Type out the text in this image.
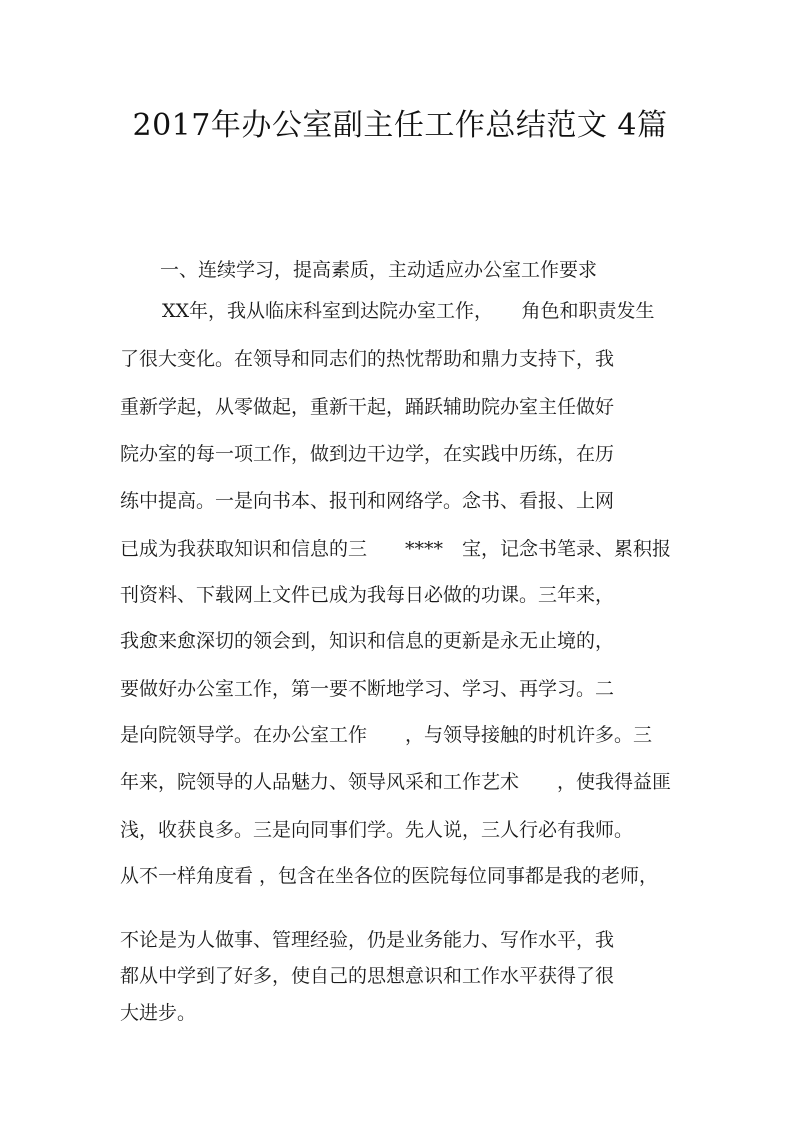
2017年办公室副主任工作总结范文 4篇
一、连续学习，提高素质，主动适应办公室工作要求
XX年，我从临床科室到达院办室工作，　　角色和职责发生
了很大变化。在领导和同志们的热忱帮助和鼎力支持下，我
重新学起，从零做起，重新干起，踊跃辅助院办室主任做好
院办室的每一项工作，做到边干边学，在实践中历练，在历
练中提高。一是向书本、报刊和网络学。念书、看报、上网
已成为我获取知识和信息的三　　****　宝，记念书笔录、累积报
刊资料、下载网上文件已成为我每日必做的功课。三年来，
我愈来愈深切的领会到，知识和信息的更新是永无止境的，
要做好办公室工作，第一要不断地学习、学习、再学习。二
是向院领导学。在办公室工作　　，与领导接触的时机许多。三
年来，院领导的人品魅力、领导风采和工作艺术　　，使我得益匪
浅，收获良多。三是向同事们学。先人说，三人行必有我师。
从不一样角度看 ，包含在坐各位的医院每位同事都是我的老师，
不论是为人做事、管理经验，仍是业务能力、写作水平，我
都从中学到了好多，使自己的思想意识和工作水平获得了很
大进步。
